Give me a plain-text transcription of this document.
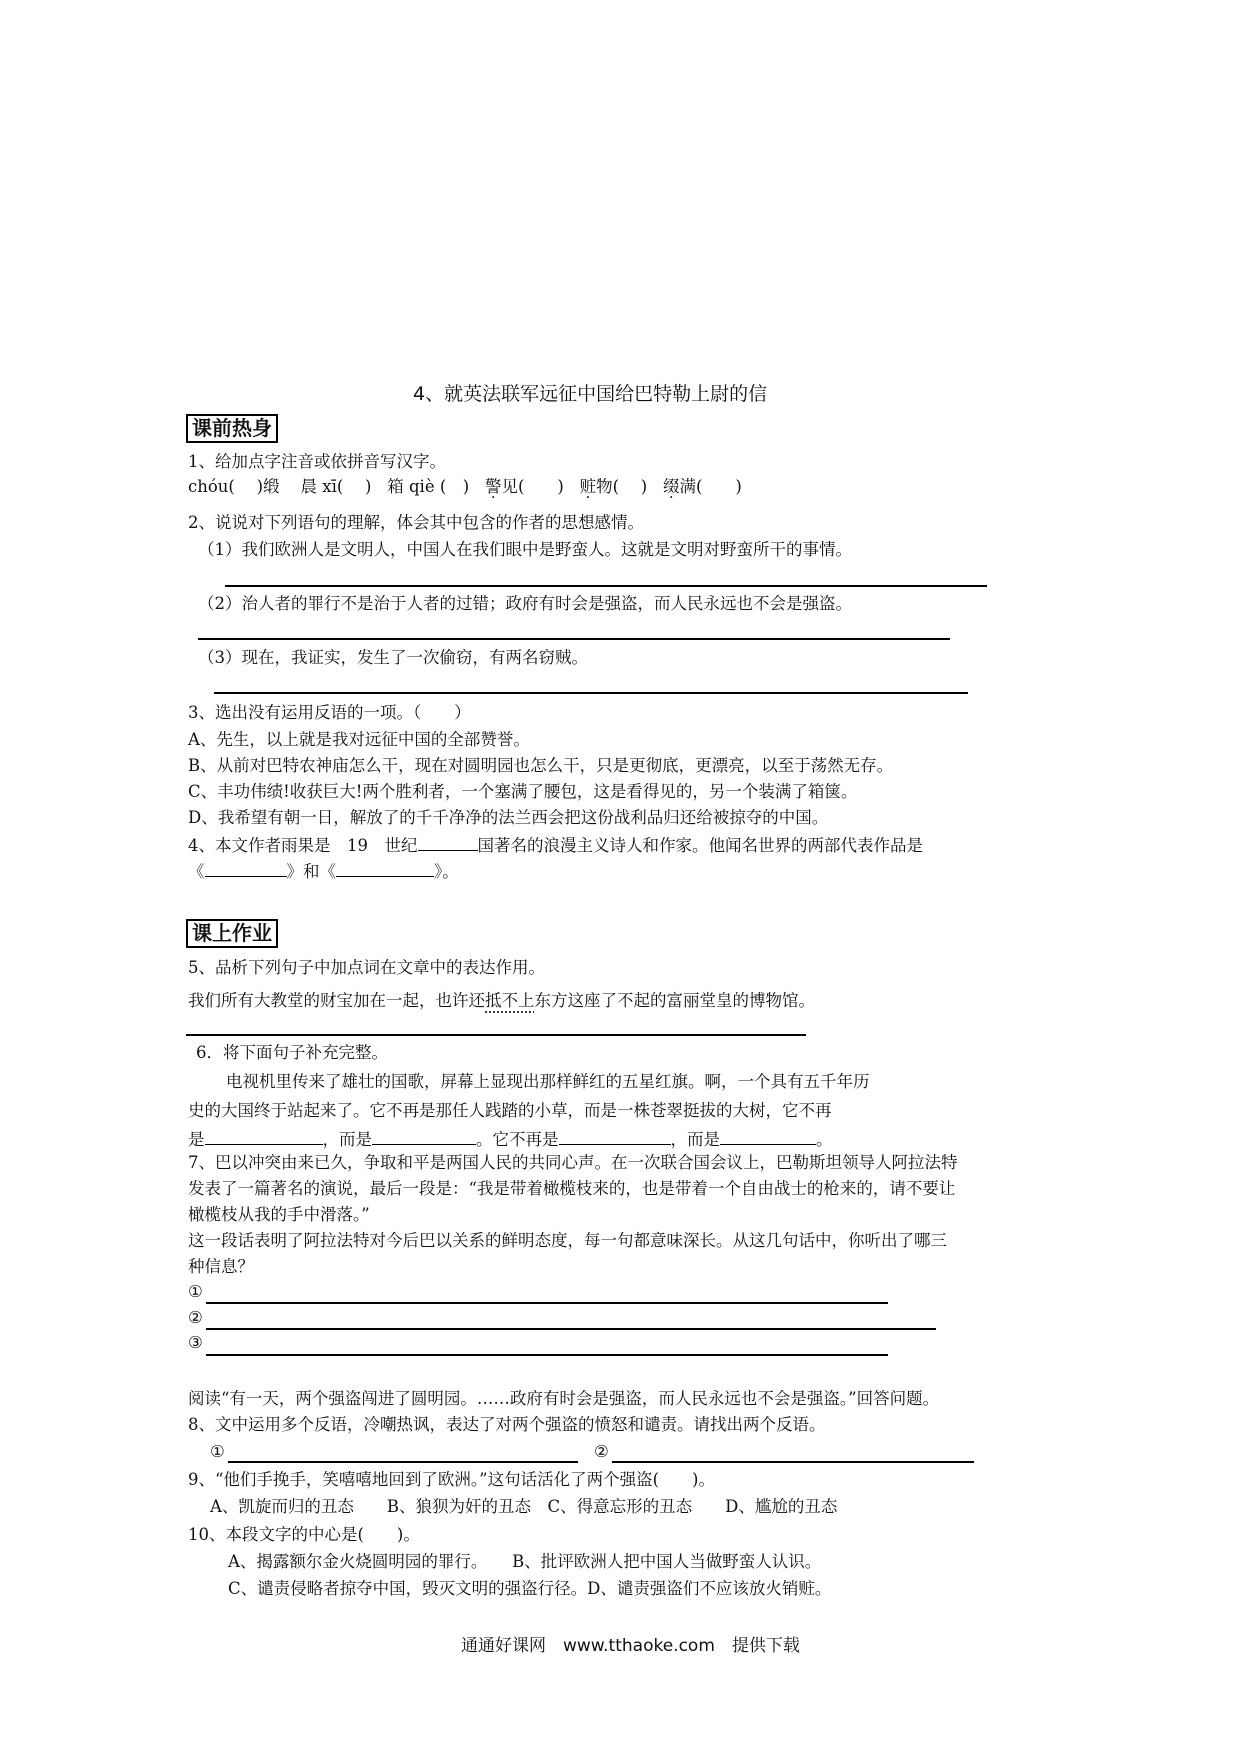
4、就英法联军远征中国给巴特勒上尉的信
课前热身
1、给加点字注音或依拼音写汉字。
chóu(　 )缎 晨 xī(　 ) 箱 qiè (　) 警见(　　) 赃物(　 ) 缀满(　　)
2、说说对下列语句的理解，体会其中包含的作者的思想感情。
（1）我们欧洲人是文明人，中国人在我们眼中是野蛮人。这就是文明对野蛮所干的事情。
（2）治人者的罪行不是治于人者的过错；政府有时会是强盗，而人民永远也不会是强盗。
（3）现在，我证实，发生了一次偷窃，有两名窃贼。
3、选出没有运用反语的一项。（　　）
A、先生，以上就是我对远征中国的全部赞誉。
B、从前对巴特农神庙怎么干，现在对圆明园也怎么干，只是更彻底，更漂亮，以至于荡然无存。
C、丰功伟绩!收获巨大!两个胜利者，一个塞满了腰包，这是看得见的，另一个装满了箱箧。
D、我希望有朝一日，解放了的千千净净的法兰西会把这份战利品归还给被掠夺的中国。
4、本文作者雨果是　19　世纪	国著名的浪漫主义诗人和作家。他闻名世界的两部代表作品是
《	》和《	》。
课上作业
5、品析下列句子中加点词在文章中的表达作用。
我们所有大教堂的财宝加在一起，也许还抵不上东方这座了不起的富丽堂皇的博物馆。
6．将下面句子补充完整。
电视机里传来了雄壮的国歌，屏幕上显现出那样鲜红的五星红旗。啊，一个具有五千年历
史的大国终于站起来了。它不再是那任人践踏的小草，而是一株苍翠挺拔的大树，它不再
是	，而是	。它不再是	，而是	。
7、巴以冲突由来已久，争取和平是两国人民的共同心声。在一次联合国会议上，巴勒斯坦领导人阿拉法特
发表了一篇著名的演说，最后一段是：“我是带着橄榄枝来的，也是带着一个自由战士的枪来的，请不要让
橄榄枝从我的手中滑落。”
这一段话表明了阿拉法特对今后巴以关系的鲜明态度，每一句都意味深长。从这几句话中，你听出了哪三
种信息？
①
②
③
阅读“有一天，两个强盗闯进了圆明园。……政府有时会是强盗，而人民永远也不会是强盗。”回答问题。
8、文中运用多个反语，冷嘲热讽，表达了对两个强盗的愤怒和谴责。请找出两个反语。
①	②
9、“他们手挽手，笑嘻嘻地回到了欧洲。”这句话活化了两个强盗(　　)。
A、凯旋而归的丑态　　B、狼狈为奸的丑态　C、得意忘形的丑态　　D、尴尬的丑态
10、本段文字的中心是(　　)。
A、揭露额尔金火烧圆明园的罪行。　　B、批评欧洲人把中国人当做野蛮人认识。
C、谴责侵略者掠夺中国，毁灭文明的强盗行径。D、谴责强盗们不应该放火销赃。
通通好课网　www.tthaoke.com　提供下载
